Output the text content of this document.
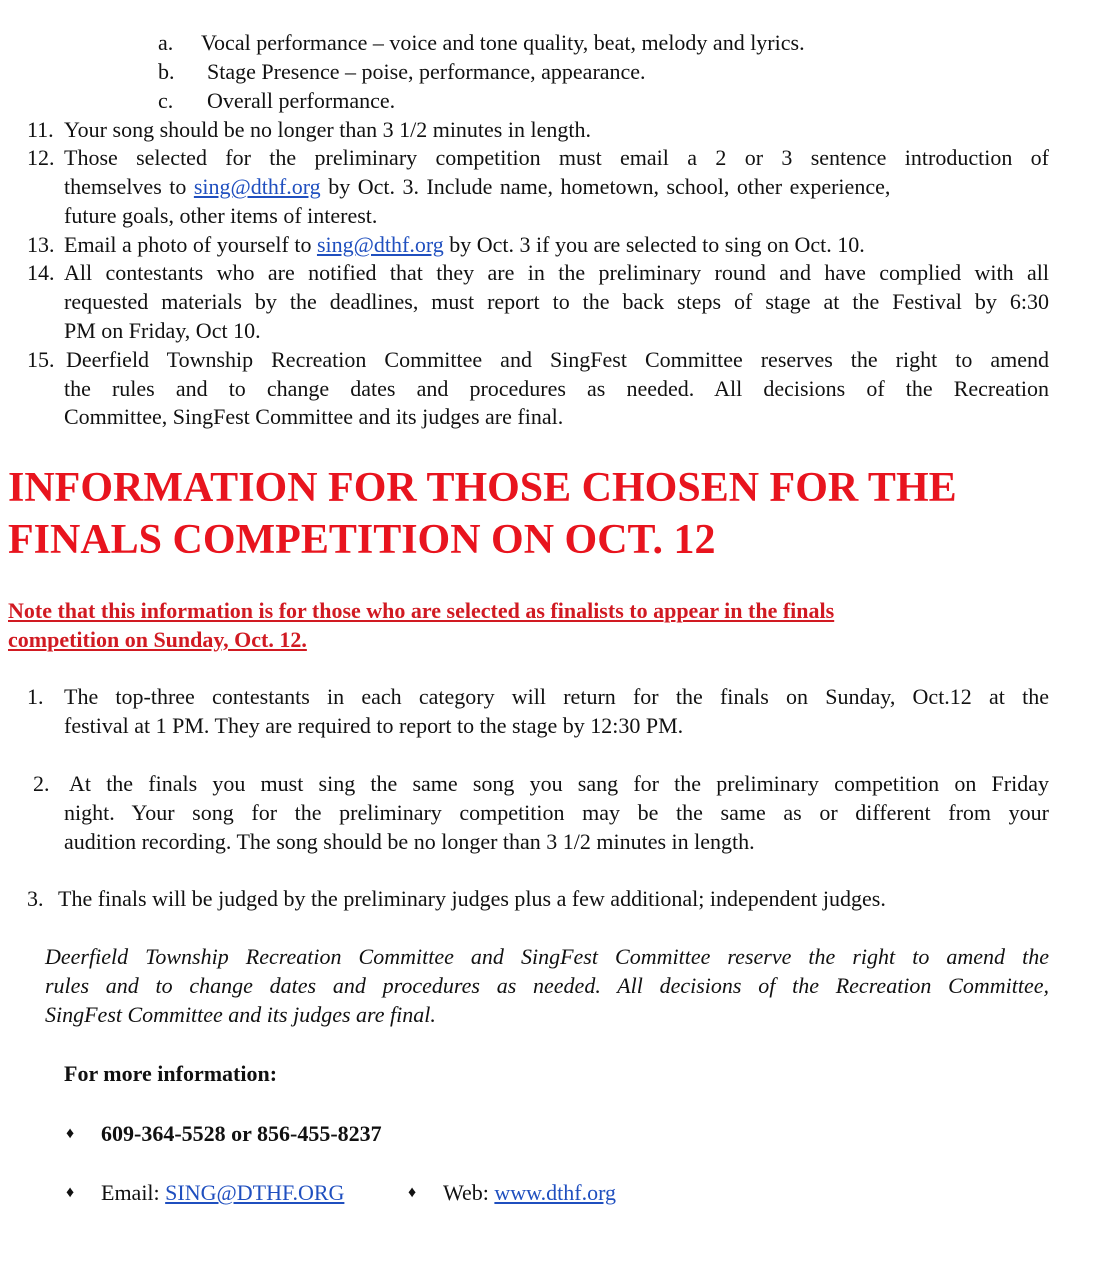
a. Vocal performance – voice and tone quality, beat, melody and lyrics.
b. Stage Presence – poise, performance, appearance.
c. Overall performance.
11. Your song should be no longer than 3 1/2 minutes in length.
12. Those selected for the preliminary competition must email a 2 or 3 sentence introduction of
themselves to sing@dthf.org by Oct. 3. Include name, hometown, school, other experience,
future goals, other items of interest.
13. Email a photo of yourself to sing@dthf.org by Oct. 3 if you are selected to sing on Oct. 10.
14. All contestants who are notified that they are in the preliminary round and have complied with all
requested materials by the deadlines, must report to the back steps of stage at the Festival by 6:30
PM on Friday, Oct 10.
15. Deerfield Township Recreation Committee and SingFest Committee reserves the right to amend
the rules and to change dates and procedures as needed. All decisions of the Recreation
Committee, SingFest Committee and its judges are final.
INFORMATION FOR THOSE CHOSEN FOR THE
FINALS COMPETITION ON OCT. 12
Note that this information is for those who are selected as finalists to appear in the finals
competition on Sunday, Oct. 12.
1. The top-three contestants in each category will return for the finals on Sunday, Oct.12 at the
festival at 1 PM. They are required to report to the stage by 12:30 PM.
2. At the finals you must sing the same song you sang for the preliminary competition on Friday
night. Your song for the preliminary competition may be the same as or different from your
audition recording. The song should be no longer than 3 1/2 minutes in length.
3. The finals will be judged by the preliminary judges plus a few additional; independent judges.
Deerfield Township Recreation Committee and SingFest Committee reserve the right to amend the
rules and to change dates and procedures as needed. All decisions of the Recreation Committee,
SingFest Committee and its judges are final.
For more information:
♦ 609-364-5528 or 856-455-8237
♦ Email: SING@DTHF.ORG	♦ Web: www.dthf.org
